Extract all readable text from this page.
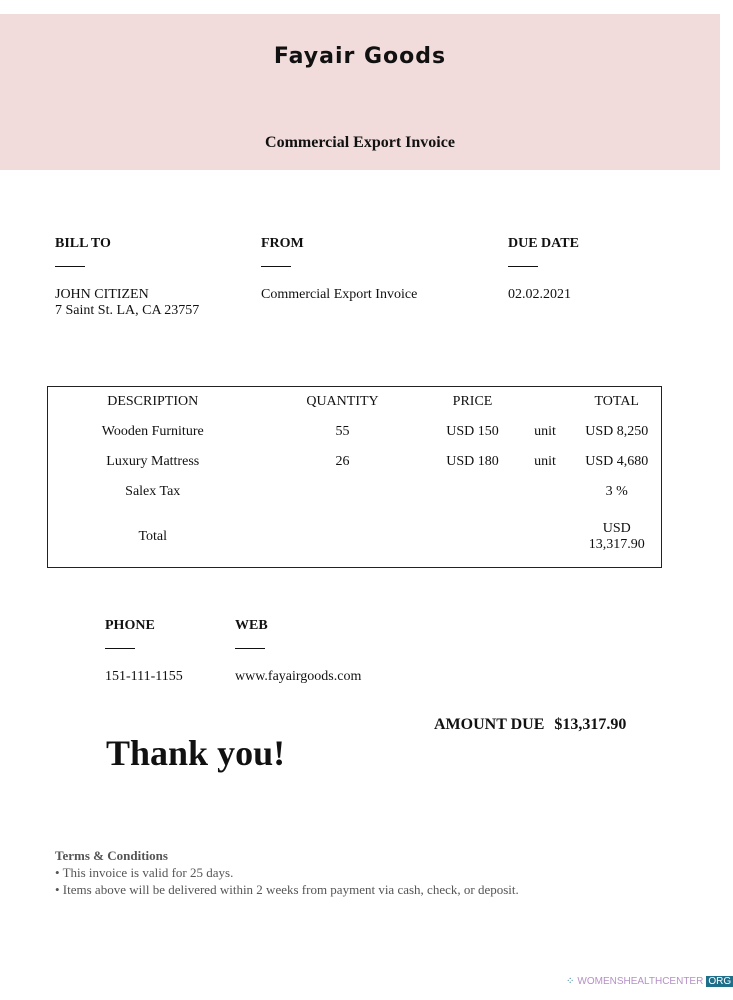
Fayair Goods
Commercial Export Invoice
BILL TO
JOHN CITIZEN
7 Saint St. LA, CA 23757
FROM
Commercial Export Invoice
DUE DATE
02.02.2021
DESCRIPTION	QUANTITY	PRICE		TOTAL
Wooden Furniture	55	USD 150	unit	USD 8,250
Luxury Mattress	26	USD 180	unit	USD 4,680
Salex Tax				3 %
Total				USD 13,317.90
PHONE
151-111-1155
WEB
www.fayairgoods.com
AMOUNT DUE $13,317.90
Thank you!
Terms & Conditions
• This invoice is valid for 25 days.
• Items above will be delivered within 2 weeks from payment via cash, check, or deposit.
⁘ WOMENSHEALTHCENTER ORG
